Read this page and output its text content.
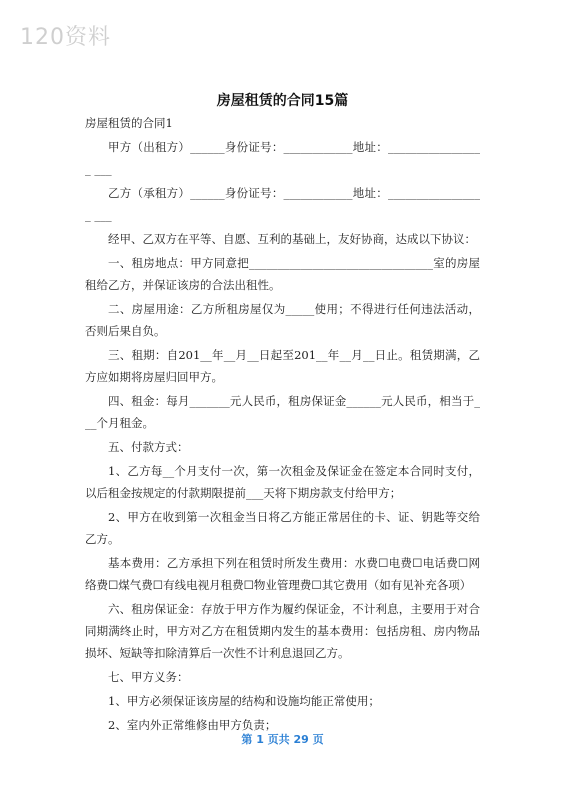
120资料
房屋租赁的合同15篇

房屋租赁的合同1

甲方（出租方）______身份证号：____________地址：_________________ ___

乙方（承租方）______身份证号：____________地址：_________________ ___

经甲、乙双方在平等、自愿、互利的基础上，友好协商，达成以下协议：

一、租房地点：甲方同意把________________________________室的房屋租给乙方，并保证该房的合法出租性。

二、房屋用途：乙方所租房屋仅为_____使用；不得进行任何违法活动，否则后果自负。

三、租期：自201__年__月__日起至201__年__月__日止。租赁期满，乙方应如期将房屋归回甲方。

四、租金：每月_______元人民币，租房保证金______元人民币，相当于___个月租金。

五、付款方式：

1、乙方每__个月支付一次，第一次租金及保证金在签定本合同时支付，以后租金按规定的付款期限提前___天将下期房款支付给甲方；

2、甲方在收到第一次租金当日将乙方能正常居住的卡、证、钥匙等交给乙方。

基本费用：乙方承担下列在租赁时所发生费用：水费☐电费☐电话费☐网络费☐煤气费☐有线电视月租费☐物业管理费☐其它费用（如有见补充各项）

六、租房保证金：存放于甲方作为履约保证金，不计利息，主要用于对合同期满终止时，甲方对乙方在租赁期内发生的基本费用：包括房租、房内物品损坏、短缺等扣除清算后一次性不计利息退回乙方。

七、甲方义务：

1、甲方必须保证该房屋的结构和设施均能正常使用；

2、室内外正常维修由甲方负责；

第 1 页共 29 页
